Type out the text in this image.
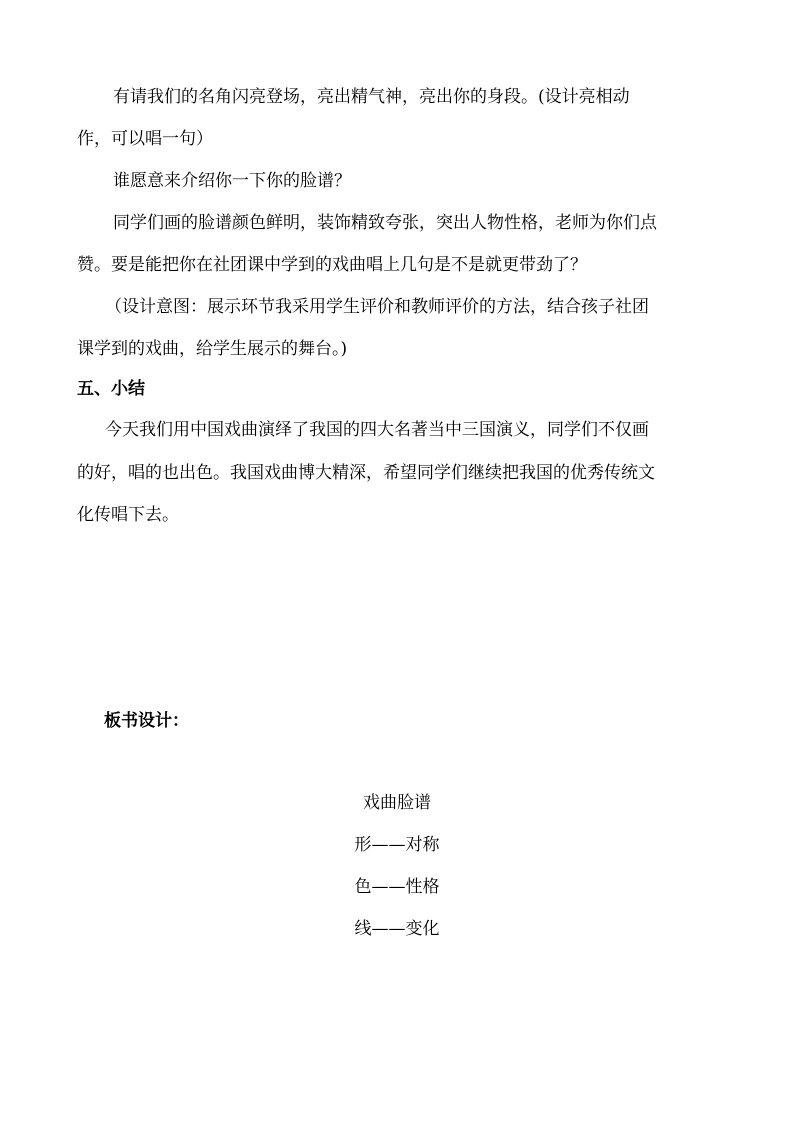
有请我们的名角闪亮登场，亮出精气神，亮出你的身段。(设计亮相动

作，可以唱一句）

谁愿意来介绍你一下你的脸谱？

同学们画的脸谱颜色鲜明，装饰精致夸张，突出人物性格，老师为你们点

赞。要是能把你在社团课中学到的戏曲唱上几句是不是就更带劲了？

（设计意图：展示环节我采用学生评价和教师评价的方法，结合孩子社团

课学到的戏曲，给学生展示的舞台。)

五、小结

今天我们用中国戏曲演绎了我国的四大名著当中三国演义，同学们不仅画

的好，唱的也出色。我国戏曲博大精深，希望同学们继续把我国的优秀传统文

化传唱下去。

板书设计：

戏曲脸谱

形——对称

色——性格

线——变化
